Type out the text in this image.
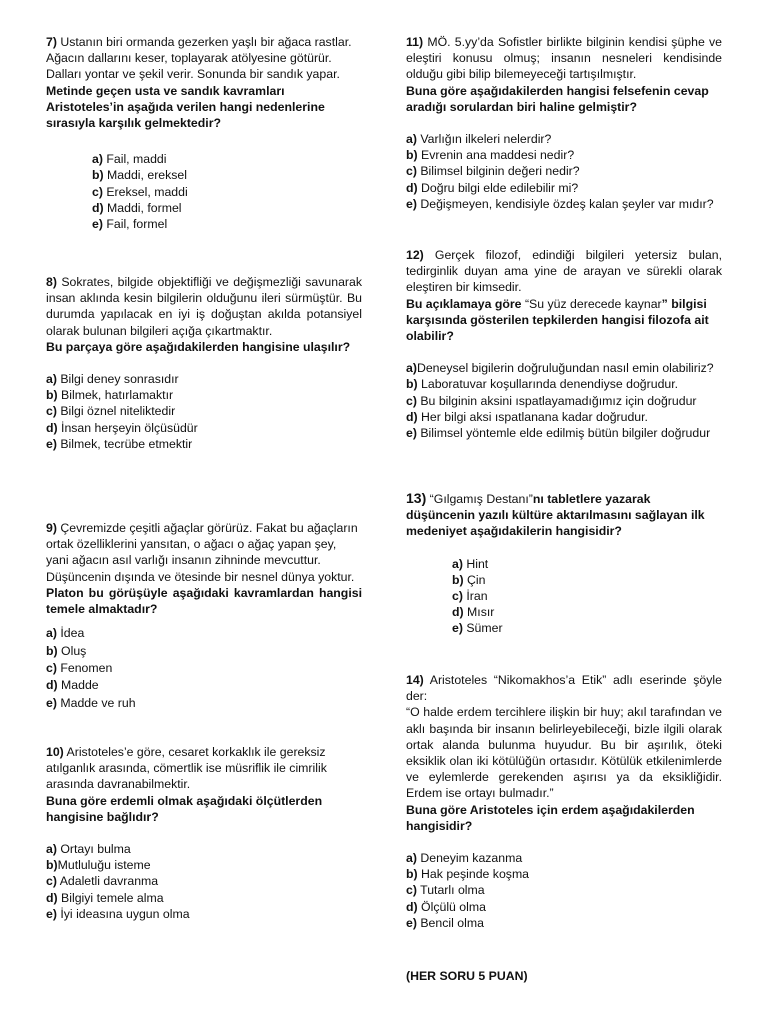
7) Ustanın biri ormanda gezerken yaşlı bir ağaca rastlar. Ağacın dallarını keser, toplayarak atölyesine götürür. Dalları yontar ve şekil verir. Sonunda bir sandık yapar.
Metinde geçen usta ve sandık kavramları Aristoteles’in aşağıda verilen hangi nedenlerine sırasıyla karşılık gelmektedir?
a) Fail, maddi
b) Maddi, ereksel
c) Ereksel, maddi
d) Maddi, formel
e) Fail, formel
8) Sokrates, bilgide objektifliği ve değişmezliği savunarak insan aklında kesin bilgilerin olduğunu ileri sürmüştür. Bu durumda yapılacak en iyi iş doğuştan akılda potansiyel olarak bulunan bilgileri açığa çıkartmaktır.
Bu parçaya göre aşağıdakilerden hangisine ulaşılır?
a) Bilgi deney sonrasıdır
b) Bilmek, hatırlamaktır
c) Bilgi öznel niteliktedir
d) İnsan herşeyin ölçüsüdür
e) Bilmek, tecrübe etmektir
9) Çevremizde çeşitli ağaçlar görürüz. Fakat bu ağaçların ortak özelliklerini yansıtan, o ağacı o ağaç yapan şey, yani ağacın asıl varlığı insanın zihninde mevcuttur. Düşüncenin dışında ve ötesinde bir nesnel dünya yoktur.
Platon bu görüşüyle aşağıdaki kavramlardan hangisi temele almaktadır?
a) İdea
b) Oluş
c) Fenomen
d) Madde
e) Madde ve ruh
10) Aristoteles’e göre, cesaret korkaklık ile gereksiz atılganlık arasında, cömertlik ise müsriflik ile cimrilik arasında davranabilmektir.
Buna göre erdemli olmak aşağıdaki ölçütlerden hangisine bağlıdır?
a) Ortayı bulma
b)Mutluluğu isteme
c) Adaletli davranma
d) Bilgiyi temele alma
e) İyi ideasına uygun olma
11) MÖ. 5.yy’da Sofistler birlikte bilginin kendisi şüphe ve eleştiri konusu olmuş; insanın nesneleri kendisinde olduğu gibi bilip bilemeyeceği tartışılmıştır.
Buna göre aşağıdakilerden hangisi felsefenin cevap aradığı sorulardan biri haline gelmiştir?
a) Varlığın ilkeleri nelerdir?
b) Evrenin ana maddesi nedir?
c) Bilimsel bilginin değeri nedir?
d) Doğru bilgi elde edilebilir mi?
e) Değişmeyen, kendisiyle özdeş kalan şeyler var mıdır?
12) Gerçek filozof, edindiği bilgileri yetersiz bulan, tedirginlik duyan ama yine de arayan ve sürekli olarak eleştiren bir kimsedir.
Bu açıklamaya göre “Su yüz derecede kaynar” bilgisi karşısında gösterilen tepkilerden hangisi filozofa ait olabilir?
a)Deneysel bigilerin doğruluğundan nasıl emin olabiliriz?
b) Laboratuvar koşullarında denendiyse doğrudur.
c) Bu bilginin aksini ıspatlayamadığımız için doğrudur
d) Her bilgi aksi ıspatlanana kadar doğrudur.
e) Bilimsel yöntemle elde edilmiş bütün bilgiler doğrudur
13) “Gılgamış Destanı”nı tabletlere yazarak düşüncenin yazılı kültüre aktarılmasını sağlayan ilk medeniyet aşağıdakilerin hangisidir?
a) Hint
b) Çin
c) İran
d) Mısır
e) Sümer
14) Aristoteles “Nikomakhos’a Etik” adlı eserinde şöyle der:
“O halde erdem tercihlere ilişkin bir huy; akıl tarafından ve aklı başında bir insanın belirleyebileceği, bizle ilgili olarak ortak alanda bulunma huyudur. Bu bir aşırılık, öteki eksiklik olan iki kötülüğün ortasıdır. Kötülük etkilenimlerde ve eylemlerde gerekenden aşırısı ya da eksikliğidir. Erdem ise ortayı bulmadır.”
Buna göre Aristoteles için erdem aşağıdakilerden hangisidir?
a) Deneyim kazanma
b) Hak peşinde koşma
c) Tutarlı olma
d) Ölçülü olma
e) Bencil olma
(HER SORU 5 PUAN)
